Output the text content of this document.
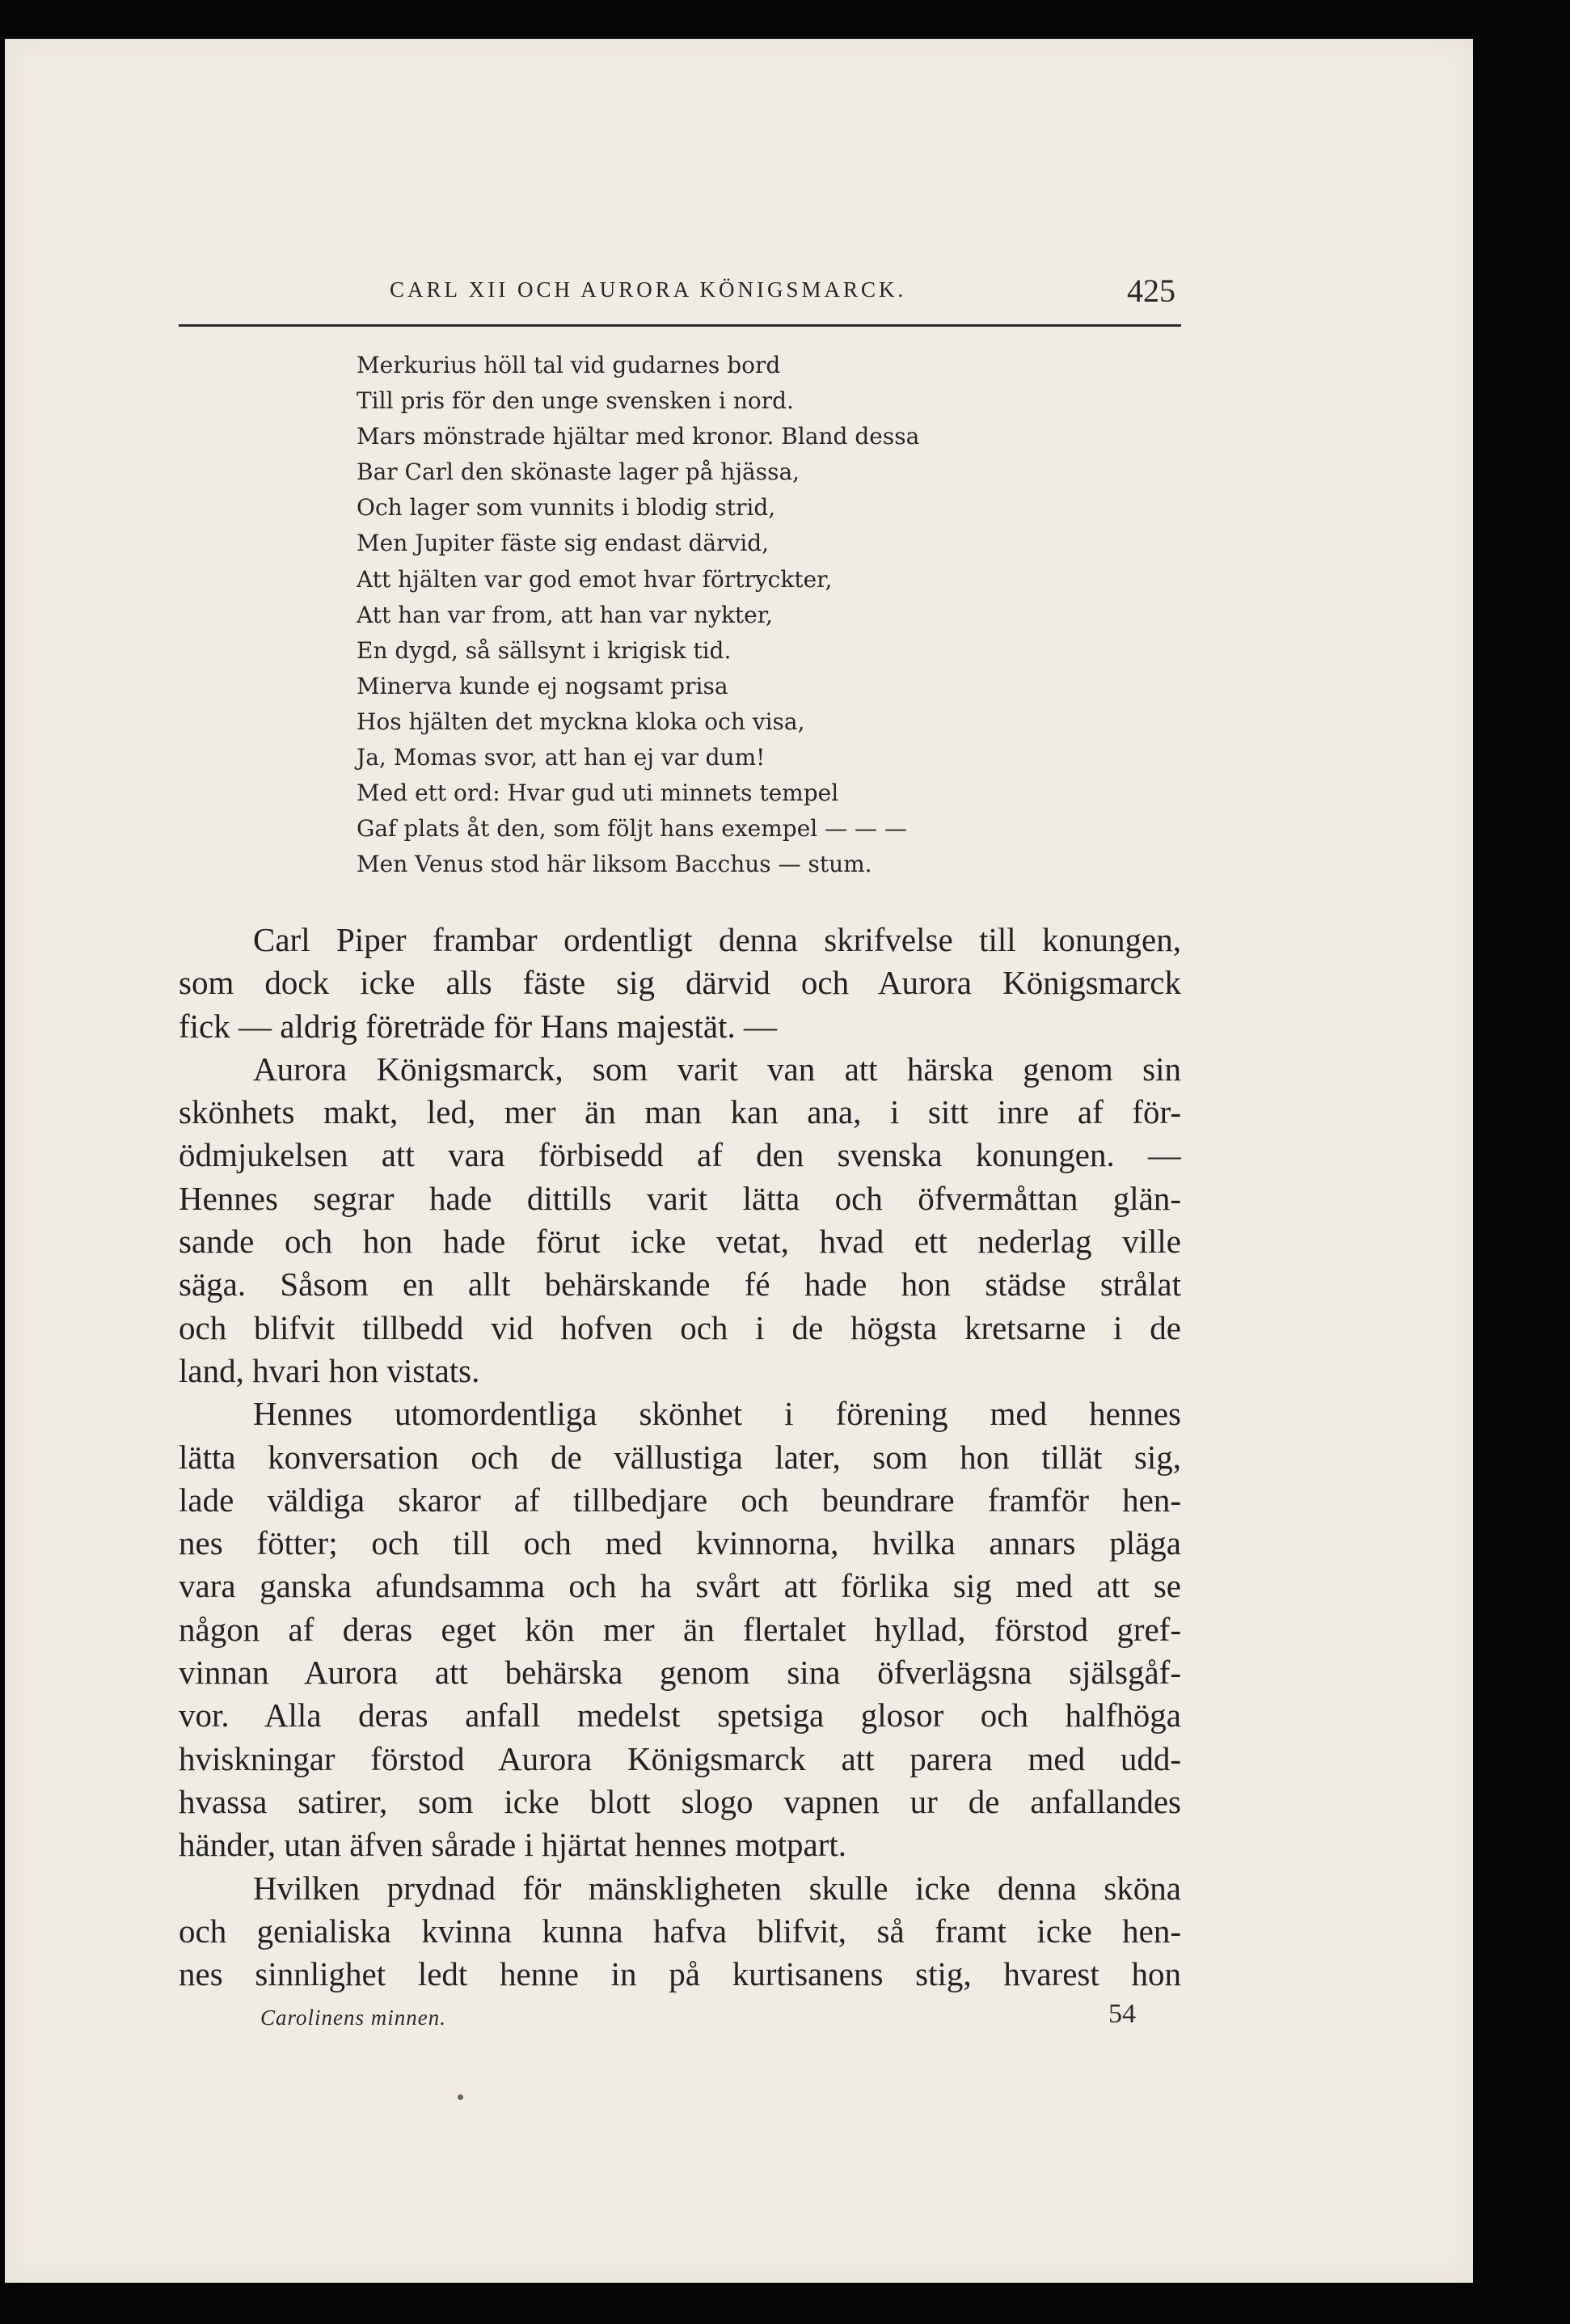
CARL XII OCH AURORA KÖNIGSMARCK.	425
Merkurius höll tal vid gudarnes bord
Till pris för den unge svensken i nord.
Mars mönstrade hjältar med kronor. Bland dessa
Bar Carl den skönaste lager på hjässa,
Och lager som vunnits i blodig strid,
Men Jupiter fäste sig endast därvid,
Att hjälten var god emot hvar förtryckter,
Att han var from, att han var nykter,
En dygd, så sällsynt i krigisk tid.
Minerva kunde ej nogsamt prisa
Hos hjälten det myckna kloka och visa,
Ja, Momas svor, att han ej var dum!
Med ett ord: Hvar gud uti minnets tempel
Gaf plats åt den, som följt hans exempel — — —
Men Venus stod här liksom Bacchus — stum.
Carl Piper frambar ordentligt denna skrifvelse till konungen,
som dock icke alls fäste sig därvid och Aurora Königsmarck
fick — aldrig företräde för Hans majestät. —
Aurora Königsmarck, som varit van att härska genom sin
skönhets makt, led, mer än man kan ana, i sitt inre af för-
ödmjukelsen att vara förbisedd af den svenska konungen. —
Hennes segrar hade dittills varit lätta och öfvermåttan glän-
sande och hon hade förut icke vetat, hvad ett nederlag ville
säga. Såsom en allt behärskande fé hade hon städse strålat
och blifvit tillbedd vid hofven och i de högsta kretsarne i de
land, hvari hon vistats.
Hennes utomordentliga skönhet i förening med hennes
lätta konversation och de vällustiga later, som hon tillät sig,
lade väldiga skaror af tillbedjare och beundrare framför hen-
nes fötter; och till och med kvinnorna, hvilka annars pläga
vara ganska afundsamma och ha svårt att förlika sig med att se
någon af deras eget kön mer än flertalet hyllad, förstod gref-
vinnan Aurora att behärska genom sina öfverlägsna själsgåf-
vor. Alla deras anfall medelst spetsiga glosor och halfhöga
hviskningar förstod Aurora Königsmarck att parera med udd-
hvassa satirer, som icke blott slogo vapnen ur de anfallandes
händer, utan äfven sårade i hjärtat hennes motpart.
Hvilken prydnad för mänskligheten skulle icke denna sköna
och genialiska kvinna kunna hafva blifvit, så framt icke hen-
nes sinnlighet ledt henne in på kurtisanens stig, hvarest hon
Carolinens minnen.	54
